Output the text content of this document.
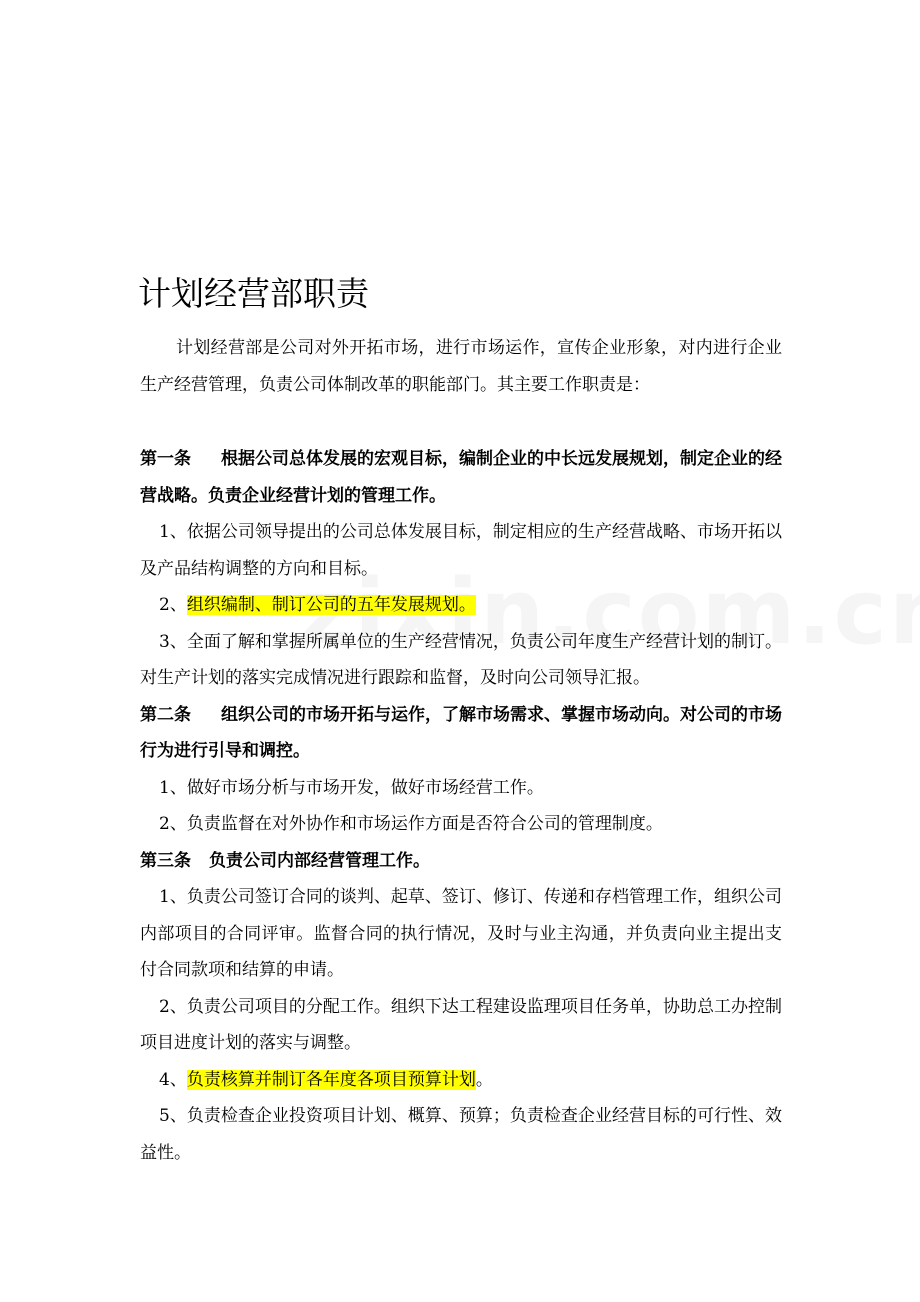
计划经营部职责

计划经营部是公司对外开拓市场，进行市场运作，宣传企业形象，对内进行企业生产经营管理，负责公司体制改革的职能部门。其主要工作职责是：

第一条 根据公司总体发展的宏观目标，编制企业的中长远发展规划，制定企业的经营战略。负责企业经营计划的管理工作。

1、依据公司领导提出的公司总体发展目标，制定相应的生产经营战略、市场开拓以及产品结构调整的方向和目标。

2、组织编制、制订公司的五年发展规划。

3、全面了解和掌握所属单位的生产经营情况，负责公司年度生产经营计划的制订。对生产计划的落实完成情况进行跟踪和监督，及时向公司领导汇报。

第二条 组织公司的市场开拓与运作，了解市场需求、掌握市场动向。对公司的市场行为进行引导和调控。

1、做好市场分析与市场开发，做好市场经营工作。

2、负责监督在对外协作和市场运作方面是否符合公司的管理制度。

第三条 负责公司内部经营管理工作。

1、负责公司签订合同的谈判、起草、签订、修订、传递和存档管理工作，组织公司内部项目的合同评审。监督合同的执行情况，及时与业主沟通，并负责向业主提出支付合同款项和结算的申请。

2、负责公司项目的分配工作。组织下达工程建设监理项目任务单，协助总工办控制项目进度计划的落实与调整。

4、负责核算并制订各年度各项目预算计划。

5、负责检查企业投资项目计划、概算、预算；负责检查企业经营目标的可行性、效益性。
